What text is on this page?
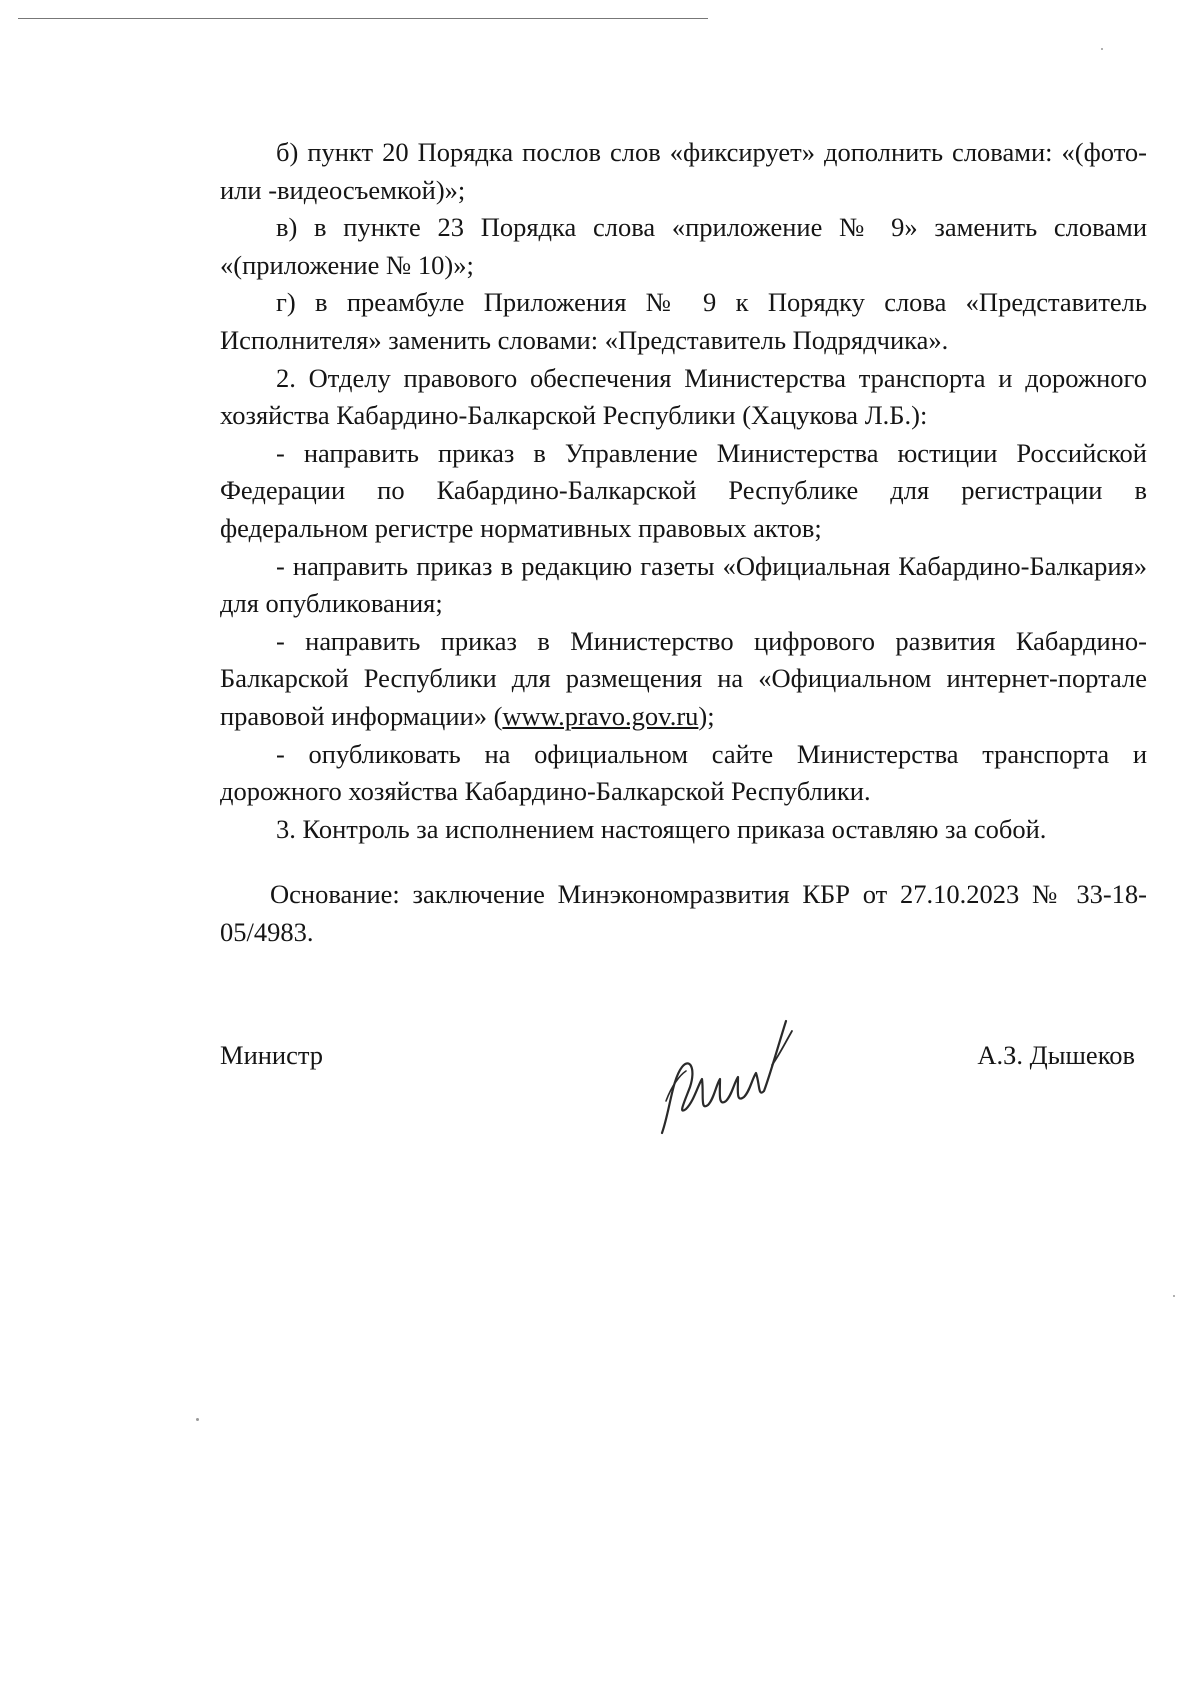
б) пункт 20 Порядка послов слов «фиксирует» дополнить словами: «(фото- или -видеосъемкой)»;

в) в пункте 23 Порядка слова «приложение № 9» заменить словами «(приложение № 10)»;

г) в преамбуле Приложения № 9 к Порядку слова «Представитель Исполнителя» заменить словами: «Представитель Подрядчика».

2. Отделу правового обеспечения Министерства транспорта и дорожного хозяйства Кабардино-Балкарской Республики (Хацукова Л.Б.):

- направить приказ в Управление Министерства юстиции Российской Федерации по Кабардино-Балкарской Республике для регистрации в федеральном регистре нормативных правовых актов;

- направить приказ в редакцию газеты «Официальная Кабардино-Балкария» для опубликования;

- направить приказ в Министерство цифрового развития Кабардино-Балкарской Республики для размещения на «Официальном интернет-портале правовой информации» (www.pravo.gov.ru);

- опубликовать на официальном сайте Министерства транспорта и дорожного хозяйства Кабардино-Балкарской Республики.

3. Контроль за исполнением настоящего приказа оставляю за собой.

Основание: заключение Минэкономразвития КБР от 27.10.2023 № 33-18-05/4983.

Министр	А.З. Дышеков
